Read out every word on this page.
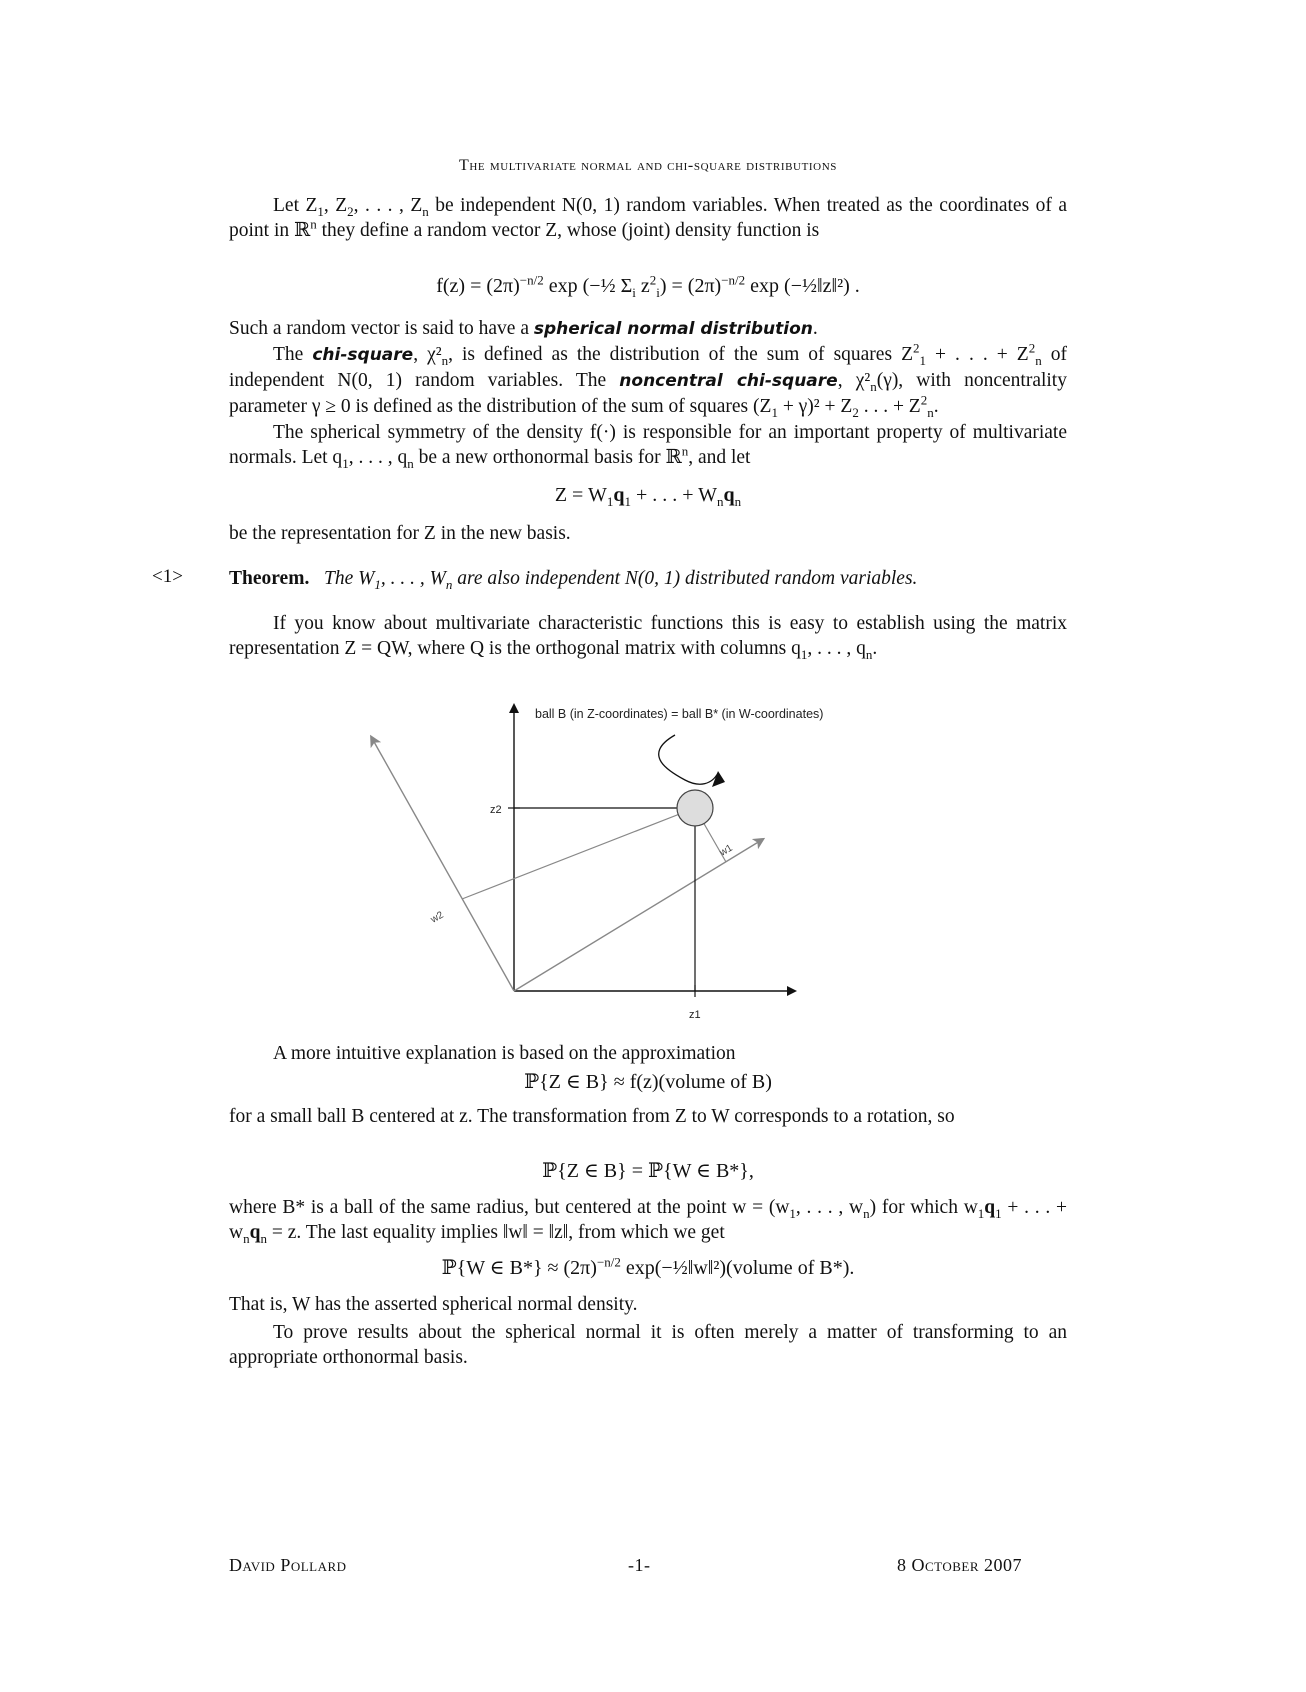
The multivariate normal and chi-square distributions

Let $Z_1$, $Z_2$, . . . , $Z_n$ be independent N(0, 1) random variables. When treated as the coordinates of a point in ℝ$^n$ they define a random vector Z, whose (joint) density function is

$f(z) = (2\pi)^{-n/2}$ exp (−½ $\Sigma_i$ $z^2_i) = (2\pi)^{-n/2}$ exp (−½‖z‖²) .

Such a random vector is said to have a spherical normal distribution.

The chi-square, $\chi^2_n$, is defined as the distribution of the sum of squares $Z^2_1$ + . . . + $Z^2_n$ of independent N(0, 1) random variables. The noncentral chi-square, $\chi^2_n(\gamma)$, with noncentrality parameter γ ≥ 0 is defined as the distribution of the sum of squares $(Z_1 + \gamma)^2 + Z_2$ . . . + $Z^2_n$.

The spherical symmetry of the density f(·) is responsible for an important property of multivariate normals. Let $q_1$, . . . , $q_n$ be a new orthonormal basis for ℝ$^n$, and let

$Z = W_1q_1$ + . . . + $W_nq_n$

be the representation for Z in the new basis.

<1> Theorem. The $W_1$, . . . , $W_n$ are also independent N(0, 1) distributed random variables.

If you know about multivariate characteristic functions this is easy to establish using the matrix representation Z = QW, where Q is the orthogonal matrix with columns $q_1$, . . . , $q_n$.

ball B (in Z-coordinates) = ball B* (in W-coordinates)
z2
z1
w1
w2

A more intuitive explanation is based on the approximation

ℙ{Z ∈ B} ≈ f(z)(volume of B)

for a small ball B centered at z. The transformation from Z to W corresponds to a rotation, so

ℙ{Z ∈ B} = ℙ{W ∈ B*},

where B* is a ball of the same radius, but centered at the point $w = (w_1$, . . . , $w_n$) for which $w_1q_1$ + . . . + $w_nq_n = z$. The last equality implies ‖w‖ = ‖z‖, from which we get

ℙ{W ∈ $B*\} \approx (2\pi)^{-n/2}$ exp(−½‖w‖²)(volume of B*).

That is, W has the asserted spherical normal density.

To prove results about the spherical normal it is often merely a matter of transforming to an appropriate orthonormal basis.

David Pollard	-1-	8 October 2007
